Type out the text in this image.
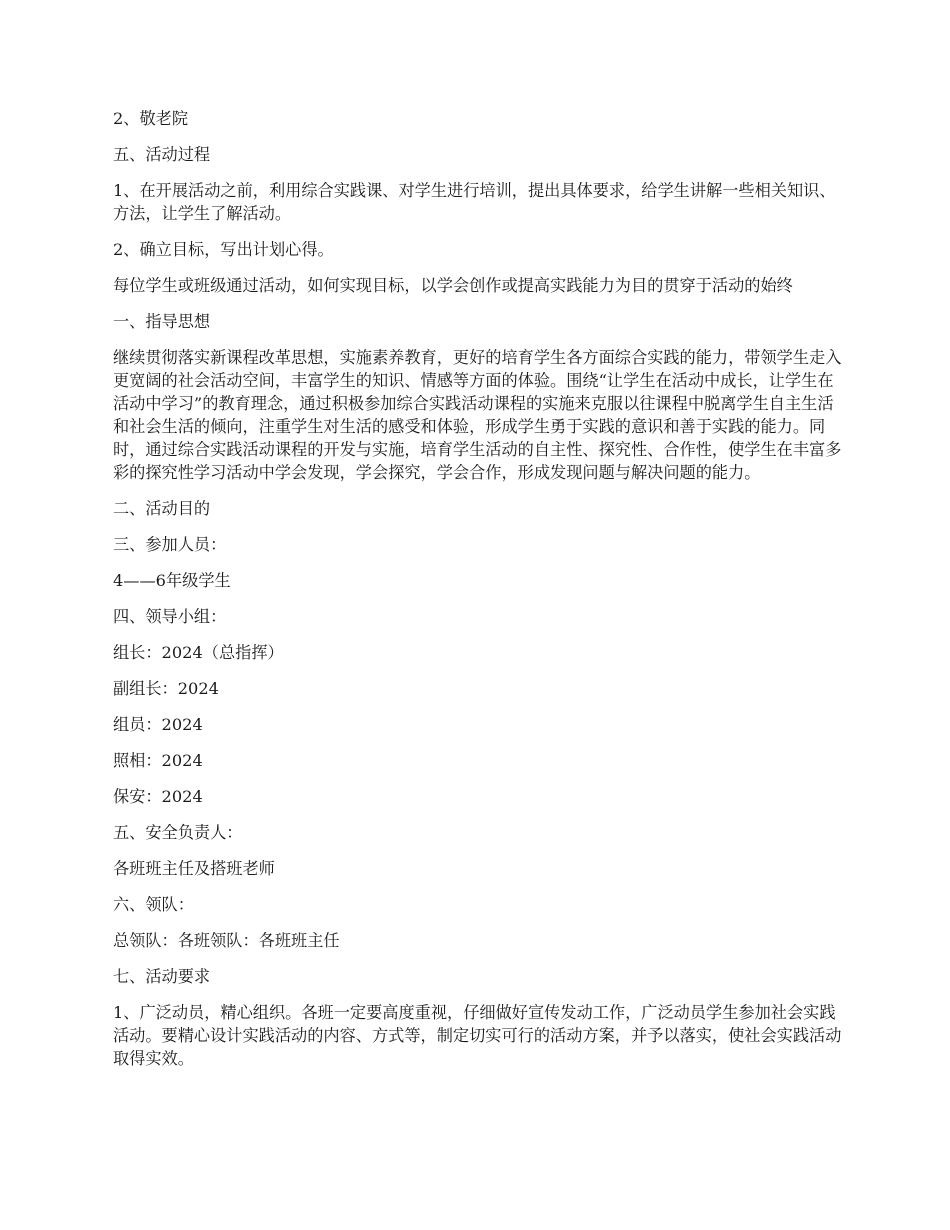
2、敬老院

五、活动过程

1、在开展活动之前，利用综合实践课、对学生进行培训，提出具体要求，给学生讲解一些相关知识、方法，让学生了解活动。

2、确立目标，写出计划心得。

每位学生或班级通过活动，如何实现目标，以学会创作或提高实践能力为目的贯穿于活动的始终

一、指导思想

继续贯彻落实新课程改革思想，实施素养教育，更好的培育学生各方面综合实践的能力，带领学生走入更宽阔的社会活动空间，丰富学生的知识、情感等方面的体验。围绕“让学生在活动中成长，让学生在活动中学习”的教育理念，通过积极参加综合实践活动课程的实施来克服以往课程中脱离学生自主生活和社会生活的倾向，注重学生对生活的感受和体验，形成学生勇于实践的意识和善于实践的能力。同时，通过综合实践活动课程的开发与实施，培育学生活动的自主性、探究性、合作性，使学生在丰富多彩的探究性学习活动中学会发现，学会探究，学会合作，形成发现问题与解决问题的能力。

二、活动目的

三、参加人员：

4——6年级学生

四、领导小组：

组长：2024（总指挥）

副组长：2024

组员：2024

照相：2024

保安：2024

五、安全负责人：

各班班主任及搭班老师

六、领队：

总领队：各班领队：各班班主任

七、活动要求

1、广泛动员，精心组织。各班一定要高度重视，仔细做好宣传发动工作，广泛动员学生参加社会实践活动。要精心设计实践活动的内容、方式等，制定切实可行的活动方案，并予以落实，使社会实践活动取得实效。
